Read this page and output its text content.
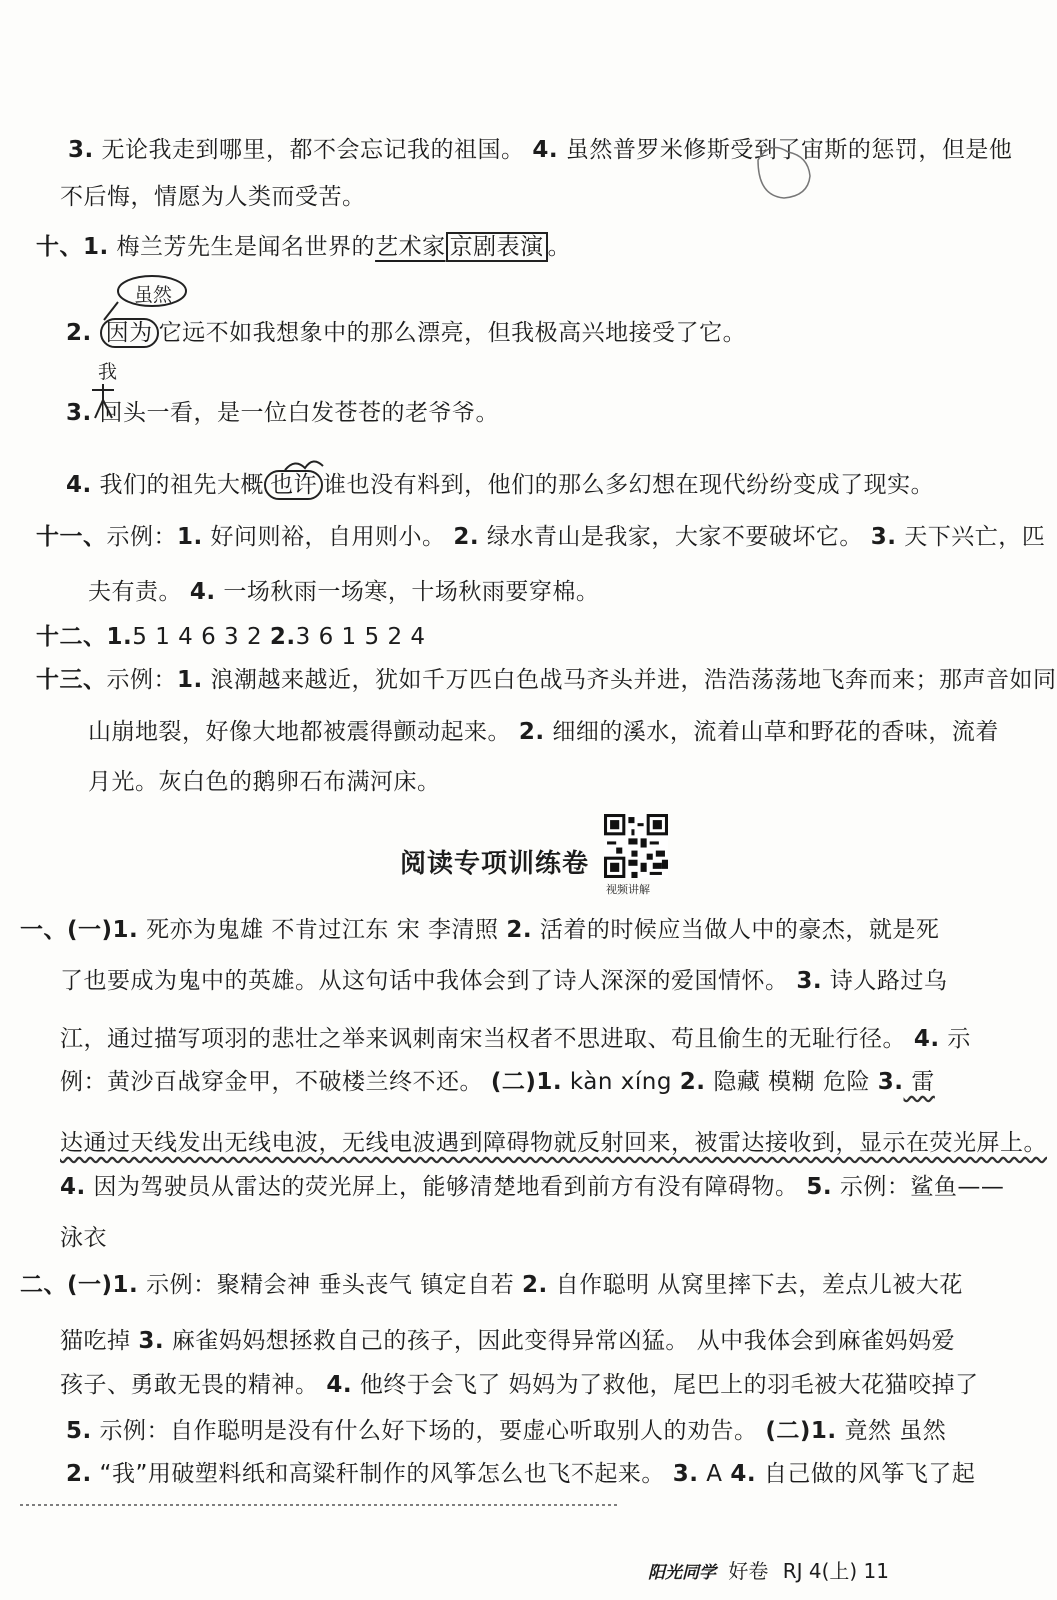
3. 无论我走到哪里，都不会忘记我的祖国。 4. 虽然普罗米修斯受到了宙斯的惩罚，但是他
不后悔，情愿为人类而受苦。
十、1. 梅兰芳先生是闻名世界的艺术家 京剧表演 。
2. 因为 它远不如我想象中的那么漂亮，但我极高兴地接受了它。
3. 回头一看，是一位白发苍苍的老爷爷。
4. 我们的祖先大概 也许 谁也没有料到，他们的那么多幻想在现代纷纷变成了现实。
十一、示例：1. 好问则裕，自用则小。 2. 绿水青山是我家，大家不要破坏它。 3. 天下兴亡，匹
夫有责。 4. 一场秋雨一场寒，十场秋雨要穿棉。
十二、1.5 1 4 6 3 2 2.3 6 1 5 2 4
十三、示例：1. 浪潮越来越近，犹如千万匹白色战马齐头并进，浩浩荡荡地飞奔而来；那声音如同
山崩地裂，好像大地都被震得颤动起来。 2. 细细的溪水，流着山草和野花的香味，流着
月光。灰白色的鹅卵石布满河床。
一、(一)1. 死亦为鬼雄 不肯过江东 宋 李清照 2. 活着的时候应当做人中的豪杰，就是死
了也要成为鬼中的英雄。从这句话中我体会到了诗人深深的爱国情怀。 3. 诗人路过乌
江，通过描写项羽的悲壮之举来讽刺南宋当权者不思进取、苟且偷生的无耻行径。 4. 示
例：黄沙百战穿金甲，不破楼兰终不还。 (二)1. kàn xíng 2. 隐藏 模糊 危险 3. 雷
达通过天线发出无线电波，无线电波遇到障碍物就反射回来，被雷达接收到，显示在荧光屏上。
4. 因为驾驶员从雷达的荧光屏上，能够清楚地看到前方有没有障碍物。 5. 示例：鲨鱼——
泳衣
二、(一)1. 示例：聚精会神 垂头丧气 镇定自若 2. 自作聪明 从窝里摔下去，差点儿被大花
猫吃掉 3. 麻雀妈妈想拯救自己的孩子，因此变得异常凶猛。 从中我体会到麻雀妈妈爱
孩子、勇敢无畏的精神。 4. 他终于会飞了 妈妈为了救他，尾巴上的羽毛被大花猫咬掉了
5. 示例：自作聪明是没有什么好下场的，要虚心听取别人的劝告。 (二)1. 竟然 虽然
2. “我”用破塑料纸和高粱秆制作的风筝怎么也飞不起来。 3. A 4. 自己做的风筝飞了起
虽然
我
阅读专项训练卷
视频讲解
阳光同学 好卷 RJ 4(上) 11
